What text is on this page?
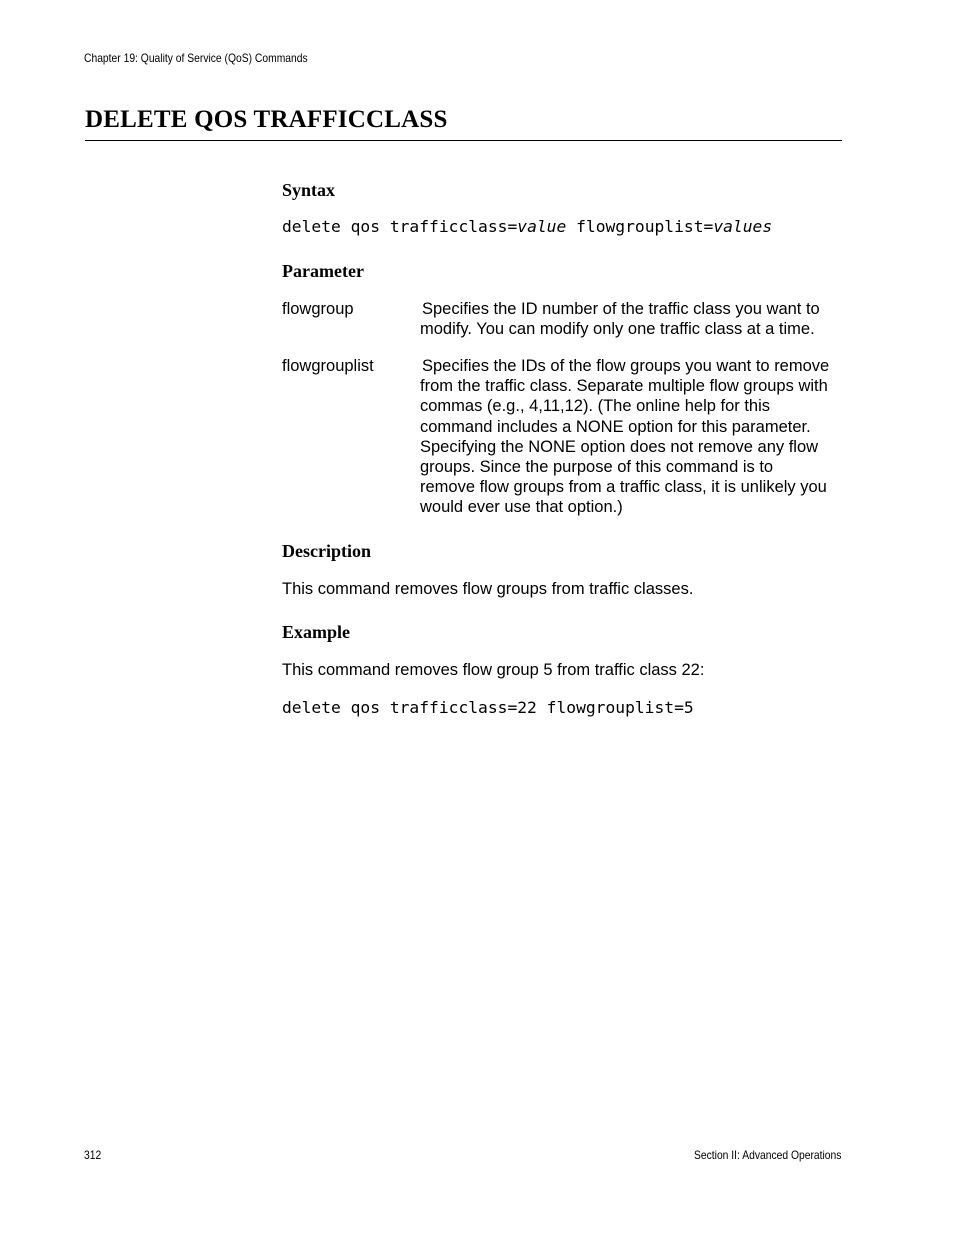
Chapter 19: Quality of Service (QoS) Commands
DELETE QOS TRAFFICCLASS
Syntax
delete qos trafficclass=value flowgrouplist=values
Parameter
flowgroup	Specifies the ID number of the traffic class you want to

modify. You can modify only one traffic class at a time.

flowgrouplist	Specifies the IDs of the flow groups you want to remove

from the traffic class. Separate multiple flow groups with

commas (e.g., 4,11,12). (The online help for this

command includes a NONE option for this parameter.

Specifying the NONE option does not remove any flow

groups. Since the purpose of this command is to

remove flow groups from a traffic class, it is unlikely you

would ever use that option.)

Description
This command removes flow groups from traffic classes.
Example
This command removes flow group 5 from traffic class 22:
delete qos trafficclass=22 flowgrouplist=5
312	Section II: Advanced Operations
